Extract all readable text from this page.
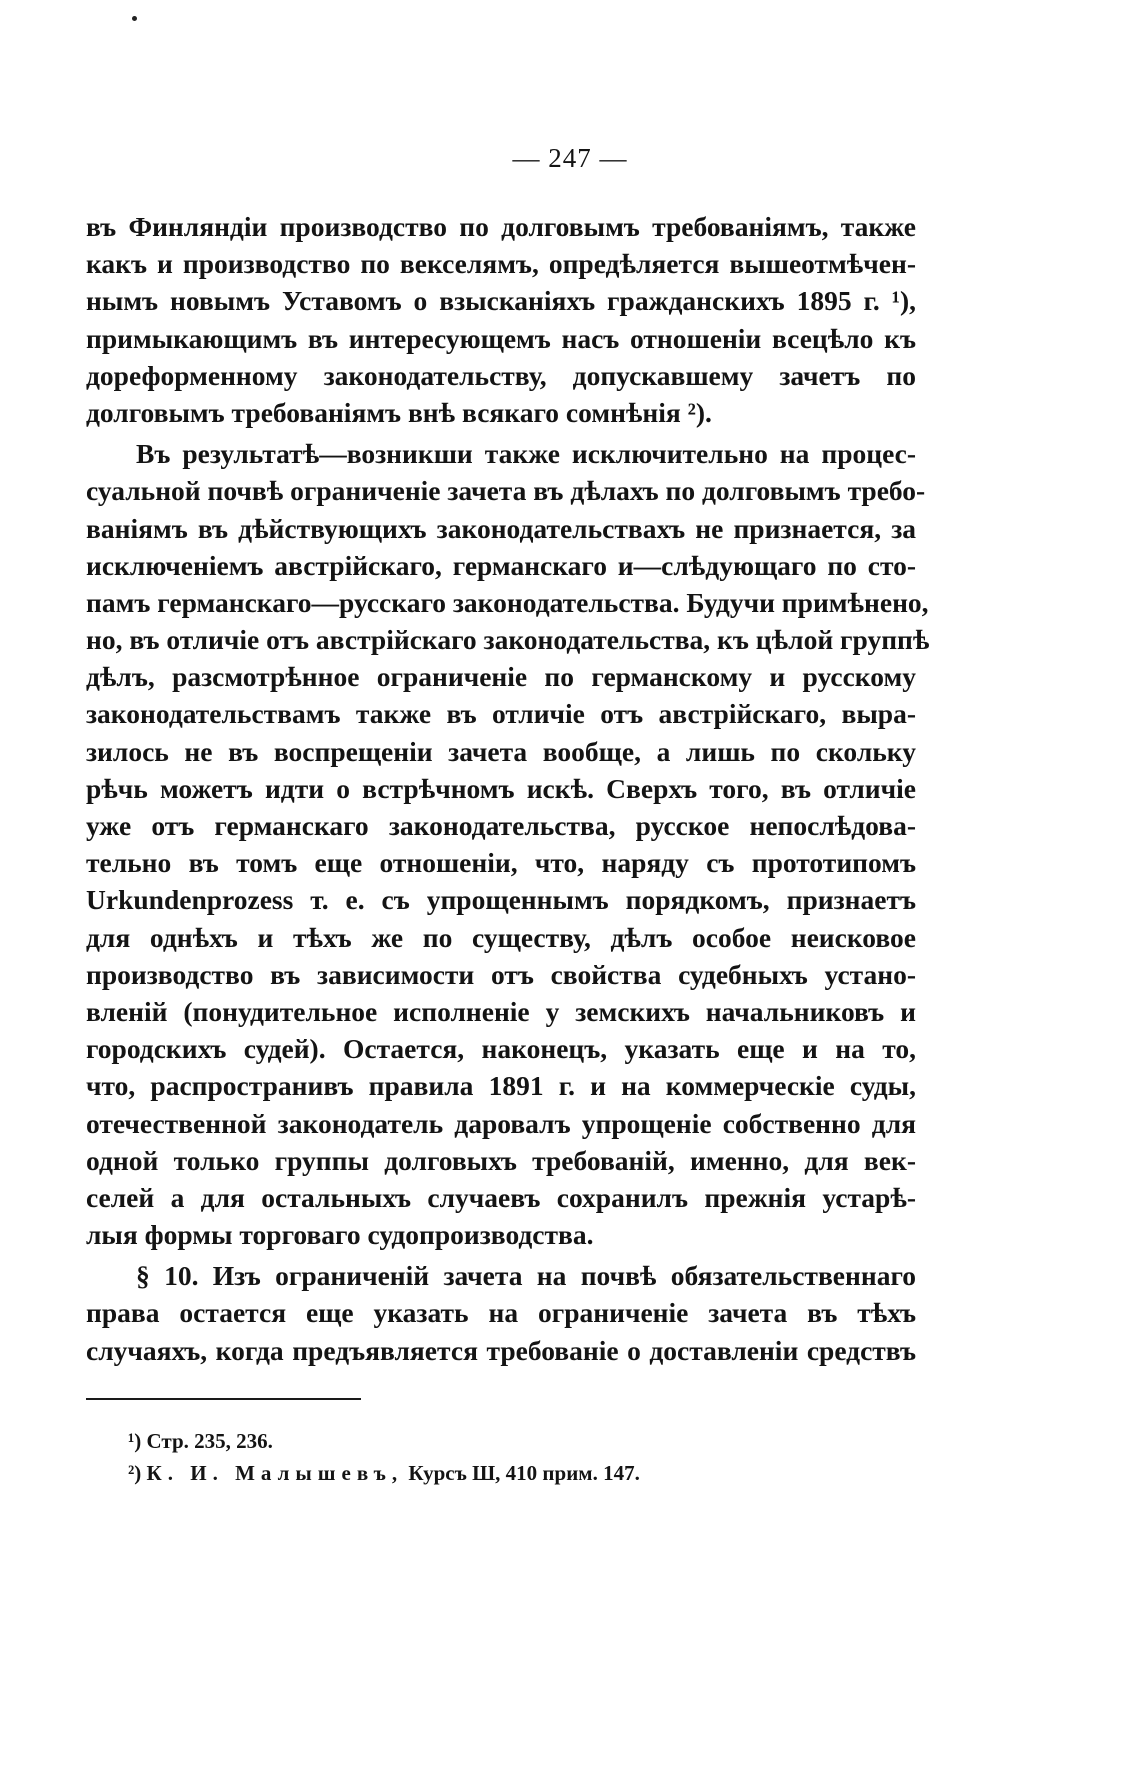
— 247 —
въ Финляндіи производство по долговымъ требованіямъ, также
какъ и производство по векселямъ, опредѣляется вышеотмѣчен-
нымъ новымъ Уставомъ о взысканіяхъ гражданскихъ 1895 г. ¹),
примыкающимъ въ интересующемъ насъ отношеніи всецѣло къ
дореформенному законодательству, допускавшему зачетъ по
долговымъ требованіямъ внѣ всякаго сомнѣнія ²).
Въ результатѣ—возникши также исключительно на процес-
суальной почвѣ ограниченіе зачета въ дѣлахъ по долговымъ требо-
ваніямъ въ дѣйствующихъ законодательствахъ не признается, за
исключеніемъ австрійскаго, германскаго и—слѣдующаго по сто-
памъ германскаго—русскаго законодательства. Будучи примѣнено,
но, въ отличіе отъ австрійскаго законодательства, къ цѣлой группѣ
дѣлъ, разсмотрѣнное ограниченіе по германскому и русскому
законодательствамъ также въ отличіе отъ австрійскаго, выра-
зилось не въ воспрещеніи зачета вообще, а лишь по скольку
рѣчь можетъ идти о встрѣчномъ искѣ. Сверхъ того, въ отличіе
уже отъ германскаго законодательства, русское непослѣдова-
тельно въ томъ еще отношеніи, что, наряду съ прототипомъ
Urkundenprozess т. е. съ упрощеннымъ порядкомъ, признаетъ
для однѣхъ и тѣхъ же по существу, дѣлъ особое неисковое
производство въ зависимости отъ свойства судебныхъ устано-
вленій (понудительное исполненіе у земскихъ начальниковъ и
городскихъ судей). Остается, наконецъ, указать еще и на то,
что, распространивъ правила 1891 г. и на коммерческіе суды,
отечественной законодатель даровалъ упрощеніе собственно для
одной только группы долговыхъ требованій, именно, для век-
селей а для остальныхъ случаевъ сохранилъ прежнія устарѣ-
лыя формы торговаго судопроизводства.
§ 10. Изъ ограниченій зачета на почвѣ обязательственнаго
права остается еще указать на ограниченіе зачета въ тѣхъ
случаяхъ, когда предъявляется требованіе о доставленіи средствъ
¹) Стр. 235, 236.
²) К. И. Малышевъ, Курсъ Ш, 410 прим. 147.
